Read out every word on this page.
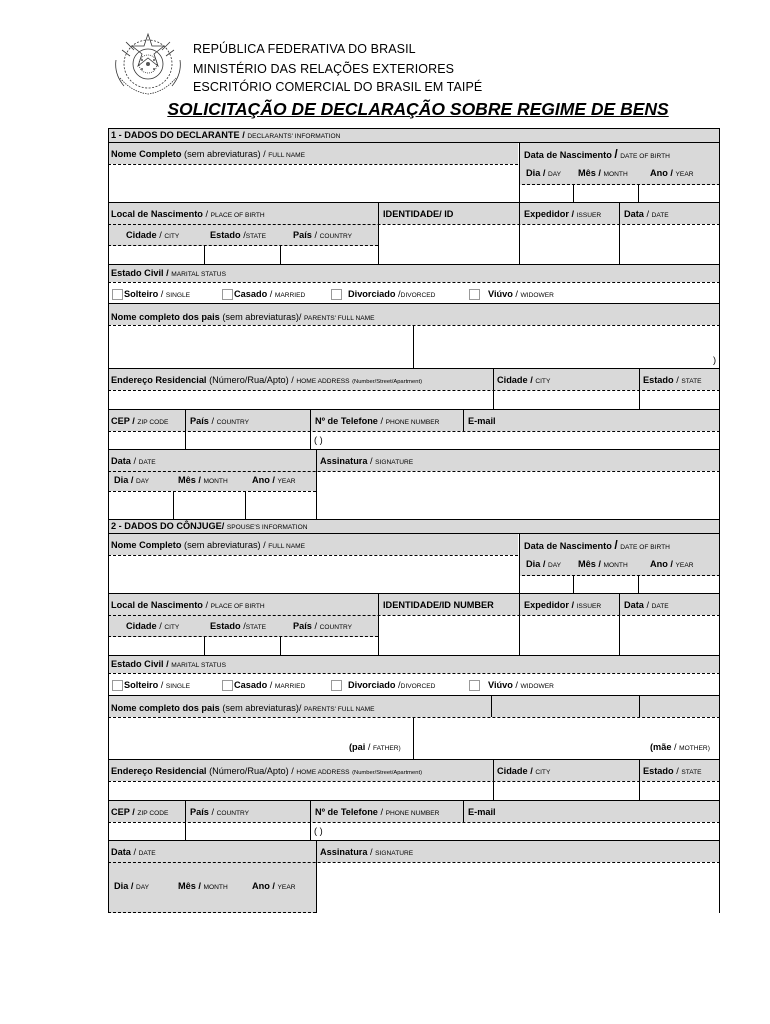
REPÚBLICA FEDERATIVA DO BRASIL
MINISTÉRIO DAS RELAÇÕES EXTERIORES
ESCRITÓRIO COMERCIAL DO BRASIL EM TAIPÉ
SOLICITAÇÃO DE DECLARAÇÃO SOBRE REGIME DE BENS
1 - DADOS DO DECLARANTE / DECLARANTS' INFORMATION
Nome Completo (sem abreviaturas) / FULL NAME	Data de Nascimento / DATE OF BIRTH
Dia / DAY Mês / MONTH Ano / YEAR
Local de Nascimento / PLACE OF BIRTH	IDENTIDADE/ ID	Expedidor / ISSUER Data / DATE
Cidade / CITY	Estado /STATE	País / COUNTRY
Estado Civil / MARITAL STATUS
Solteiro / SINGLE	Casado / MARRIED	Divorciado /DIVORCED	Viúvo / WIDOWER
Nome completo dos pais (sem abreviaturas)/ PARENTS' FULL NAME
)
Endereço Residencial (Número/Rua/Apto) / HOME ADDRESS (Number/Street/Apartment)	Cidade / CITY	Estado / STATE
CEP / ZIP CODE País / COUNTRY	Nº de Telefone / PHONE NUMBER	E-mail
( )
Data / DATE	Assinatura / SIGNATURE
Dia / DAY	Mês / MONTH	Ano / YEAR
2 - DADOS DO CÔNJUGE/ SPOUSE'S INFORMATION
Nome Completo (sem abreviaturas) / FULL NAME	Data de Nascimento / DATE OF BIRTH
Dia / DAY Mês / MONTH Ano / YEAR
Local de Nascimento / PLACE OF BIRTH	IDENTIDADE/ID NUMBER	Expedidor / ISSUER Data / DATE
Cidade / CITY	Estado /STATE	País / COUNTRY
Estado Civil / MARITAL STATUS
Solteiro / SINGLE	Casado / MARRIED	Divorciado /DIVORCED	Viúvo / WIDOWER
Nome completo dos pais (sem abreviaturas)/ PARENTS' FULL NAME
(pai / FATHER)	(mãe / MOTHER)
Endereço Residencial (Número/Rua/Apto) / HOME ADDRESS (Number/Street/Apartment)	Cidade / CITY	Estado / STATE
CEP / ZIP CODE País / COUNTRY	Nº de Telefone / PHONE NUMBER	E-mail
( )
Data / DATE	Assinatura / SIGNATURE
Dia / DAY	Mês / MONTH	Ano / YEAR
